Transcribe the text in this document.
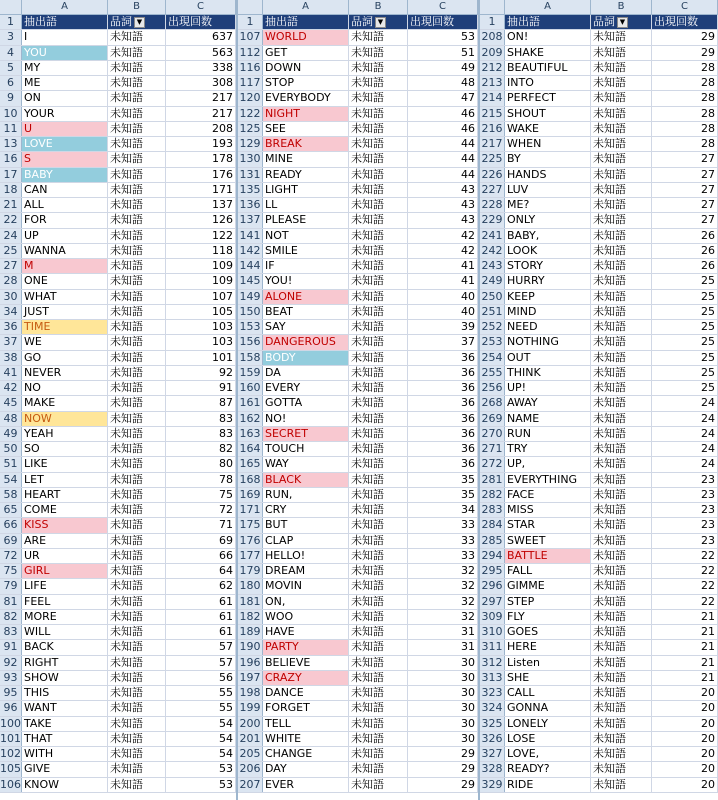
A	B	C
1 抽出語	品詞 ▼	出現回数
3 I	未知語	637
4 YOU	未知語	563
5 MY	未知語	338
6 ME	未知語	308
9 ON	未知語	217
10 YOUR	未知語	217
11 U	未知語	208
13 LOVE	未知語	193
16 S	未知語	178
17 BABY	未知語	176
18 CAN	未知語	171
21 ALL	未知語	137
22 FOR	未知語	126
24 UP	未知語	122
25 WANNA	未知語	118
27 M	未知語	109
28 ONE	未知語	109
30 WHAT	未知語	107
34 JUST	未知語	105
36 TIME	未知語	103
37 WE	未知語	103
38 GO	未知語	101
41 NEVER	未知語	92
42 NO	未知語	91
45 MAKE	未知語	87
48 NOW	未知語	83
49 YEAH	未知語	83
50 SO	未知語	82
51 LIKE	未知語	80
54 LET	未知語	78
58 HEART	未知語	75
65 COME	未知語	72
66 KISS	未知語	71
69 ARE	未知語	69
72 UR	未知語	66
75 GIRL	未知語	64
79 LIFE	未知語	62
81 FEEL	未知語	61
82 MORE	未知語	61
83 WILL	未知語	61
91 BACK	未知語	57
92 RIGHT	未知語	57
93 SHOW	未知語	56
95 THIS	未知語	55
96 WANT	未知語	55
100 TAKE	未知語	54
101 THAT	未知語	54
102 WITH	未知語	54
105 GIVE	未知語	53
106 KNOW	未知語	53
A	B	C
1	抽出語	品詞 ▼	出現回数
107 WORLD	未知語	53
112 GET	未知語	51
116 DOWN	未知語	49
117 STOP	未知語	48
120 EVERYBODY	未知語	47
122 NIGHT	未知語	46
125 SEE	未知語	46
129 BREAK	未知語	44
130 MINE	未知語	44
131 READY	未知語	44
135 LIGHT	未知語	43
136 LL	未知語	43
137 PLEASE	未知語	43
141 NOT	未知語	42
142 SMILE	未知語	42
144 IF	未知語	41
145 YOU!	未知語	41
149 ALONE	未知語	40
150 BEAT	未知語	40
153 SAY	未知語	39
156 DANGEROUS	未知語	37
158 BODY	未知語	36
159 DA	未知語	36
160 EVERY	未知語	36
161 GOTTA	未知語	36
162 NO!	未知語	36
163 SECRET	未知語	36
164 TOUCH	未知語	36
165 WAY	未知語	36
168 BLACK	未知語	35
169 RUN,	未知語	35
171 CRY	未知語	34
175 BUT	未知語	33
176 CLAP	未知語	33
177 HELLO!	未知語	33
179 DREAM	未知語	32
180 MOVIN	未知語	32
181 ON,	未知語	32
182 WOO	未知語	32
189 HAVE	未知語	31
190 PARTY	未知語	31
196 BELIEVE	未知語	30
197 CRAZY	未知語	30
198 DANCE	未知語	30
199 FORGET	未知語	30
200 TELL	未知語	30
201 WHITE	未知語	30
205 CHANGE	未知語	29
206 DAY	未知語	29
207 EVER	未知語	29
A	B	C
1	抽出語	品詞 ▼	出現回数
208 ON!	未知語	29
209 SHAKE	未知語	29
212 BEAUTIFUL	未知語	28
213 INTO	未知語	28
214 PERFECT	未知語	28
215 SHOUT	未知語	28
216 WAKE	未知語	28
217 WHEN	未知語	28
225 BY	未知語	27
226 HANDS	未知語	27
227 LUV	未知語	27
228 ME?	未知語	27
229 ONLY	未知語	27
241 BABY,	未知語	26
242 LOOK	未知語	26
243 STORY	未知語	26
249 HURRY	未知語	25
250 KEEP	未知語	25
251 MIND	未知語	25
252 NEED	未知語	25
253 NOTHING	未知語	25
254 OUT	未知語	25
255 THINK	未知語	25
256 UP!	未知語	25
268 AWAY	未知語	24
269 NAME	未知語	24
270 RUN	未知語	24
271 TRY	未知語	24
272 UP,	未知語	24
281 EVERYTHING	未知語	23
282 FACE	未知語	23
283 MISS	未知語	23
284 STAR	未知語	23
285 SWEET	未知語	23
294 BATTLE	未知語	22
295 FALL	未知語	22
296 GIMME	未知語	22
297 STEP	未知語	22
309 FLY	未知語	21
310 GOES	未知語	21
311 HERE	未知語	21
312 Listen	未知語	21
313 SHE	未知語	21
323 CALL	未知語	20
324 GONNA	未知語	20
325 LONELY	未知語	20
326 LOSE	未知語	20
327 LOVE,	未知語	20
328 READY?	未知語	20
329 RIDE	未知語	20
